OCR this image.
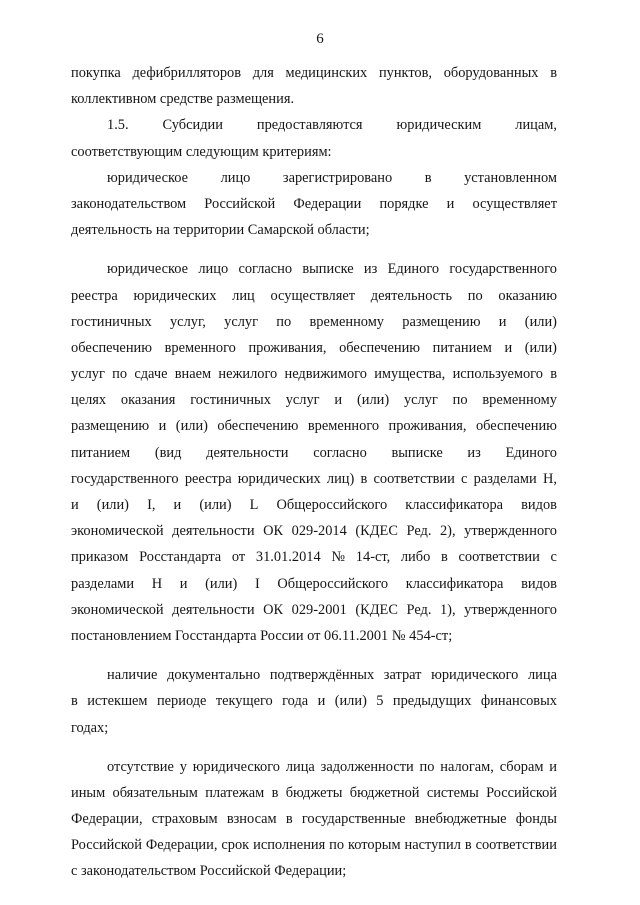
6
покупка дефибрилляторов для медицинских пунктов, оборудованных в
коллективном средстве размещения.
1.5. Субсидии предоставляются юридическим лицам,
соответствующим следующим критериям:
юридическое лицо зарегистрировано в установленном
законодательством Российской Федерации порядке и осуществляет
деятельность на территории Самарской области;
юридическое лицо согласно выписке из Единого государственного
реестра юридических лиц осуществляет деятельность по оказанию
гостиничных услуг, услуг по временному размещению и (или)
обеспечению временного проживания, обеспечению питанием и (или)
услуг по сдаче внаем нежилого недвижимого имущества, используемого в
целях оказания гостиничных услуг и (или) услуг по временному
размещению и (или) обеспечению временного проживания, обеспечению
питанием (вид деятельности согласно выписке из Единого
государственного реестра юридических лиц) в соответствии с разделами Н,
и (или) I, и (или) L Общероссийского классификатора видов
экономической деятельности ОК 029-2014 (КДЕС Ред. 2), утвержденного
приказом Росстандарта от 31.01.2014 № 14-ст, либо в соответствии с
разделами Н и (или) I Общероссийского классификатора видов
экономической деятельности ОК 029-2001 (КДЕС Ред. 1), утвержденного
постановлением Госстандарта России от 06.11.2001 № 454-ст;
наличие документально подтверждённых затрат юридического лица
в истекшем периоде текущего года и (или) 5 предыдущих финансовых
годах;
отсутствие у юридического лица задолженности по налогам, сборам и
иным обязательным платежам в бюджеты бюджетной системы Российской
Федерации, страховым взносам в государственные внебюджетные фонды
Российской Федерации, срок исполнения по которым наступил в соответствии
с законодательством Российской Федерации;
